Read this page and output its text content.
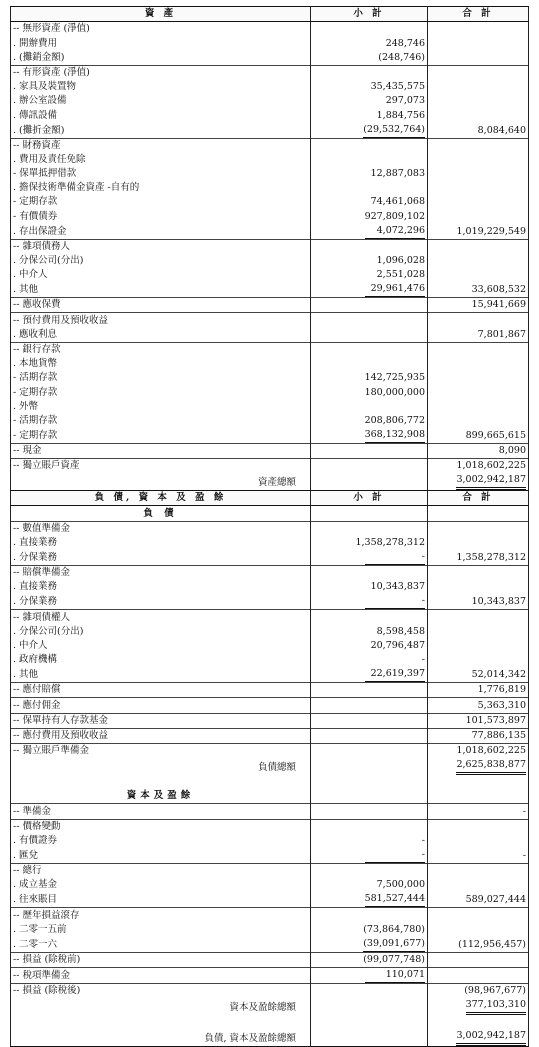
資 產	小 計	合 計
-- 無形資產 (淨值)		
. 開辦費用	248,746	
. (攤銷金額)	(248,746)	
-- 有形資產 (淨值)		
. 家具及裝置物	35,435,575	
. 辦公室設備	297,073	
. 傳訊設備	1,884,756	
. (攤折金額)	(29,532,764)	8,084,640
-- 財務資產		
. 費用及責任免除		
- 保單抵押借款	12,887,083	
. 擔保技術準備金資產 -自有的		
- 定期存款	74,461,068	
- 有價債券	927,809,102	
. 存出保證金	4,072,296	1,019,229,549
-- 雜項債務人		
. 分保公司(分出)	1,096,028	
. 中介人	2,551,028	
. 其他	29,961,476	33,608,532
-- 應收保費		15,941,669
-- 預付費用及預收收益		
. 應收利息		7,801,867
-- 銀行存款		
. 本地貨幣		
- 活期存款	142,725,935	
- 定期存款	180,000,000	
. 外幣		
- 活期存款	208,806,772	
- 定期存款	368,132,908	899,665,615
-- 現金		8,090
-- 獨立賬戶資產		1,018,602,225
資產總額		3,002,942,187
負 債, 資 本 及 盈 餘	小 計	合 計
負 債		
-- 數值準備金		
. 直接業務	1,358,278,312	
. 分保業務	-	1,358,278,312
-- 賠償準備金		
. 直接業務	10,343,837	
. 分保業務	-	10,343,837
-- 雜項債權人		
. 分保公司(分出)	8,598,458	
. 中介人	20,796,487	
. 政府機構	-	
. 其他	22,619,397	52,014,342
-- 應付賠償		1,776,819
-- 應付佣金		5,363,310
-- 保單持有人存款基金		101,573,897
-- 應付費用及預收收益		77,886,135
-- 獨立賬戶準備金		1,018,602,225
負債總額		2,625,838,877

資本及盈餘		
-- 準備金		-
-- 價格變動		
. 有價證券	-	
. 匯兌	-	-
-- 總行		
. 成立基金	7,500,000	
. 往來賬目	581,527,444	589,027,444
-- 歷年損益滾存		
. 二零一五前	(73,864,780)	
. 二零一六	(39,091,677)	(112,956,457)
-- 損益 (除稅前)	(99,077,748)	
-- 稅項準備金	110,071	
-- 損益 (除稅後)		(98,967,677)
資本及盈餘總額		377,103,310

負債, 資本及盈餘總額		3,002,942,187
